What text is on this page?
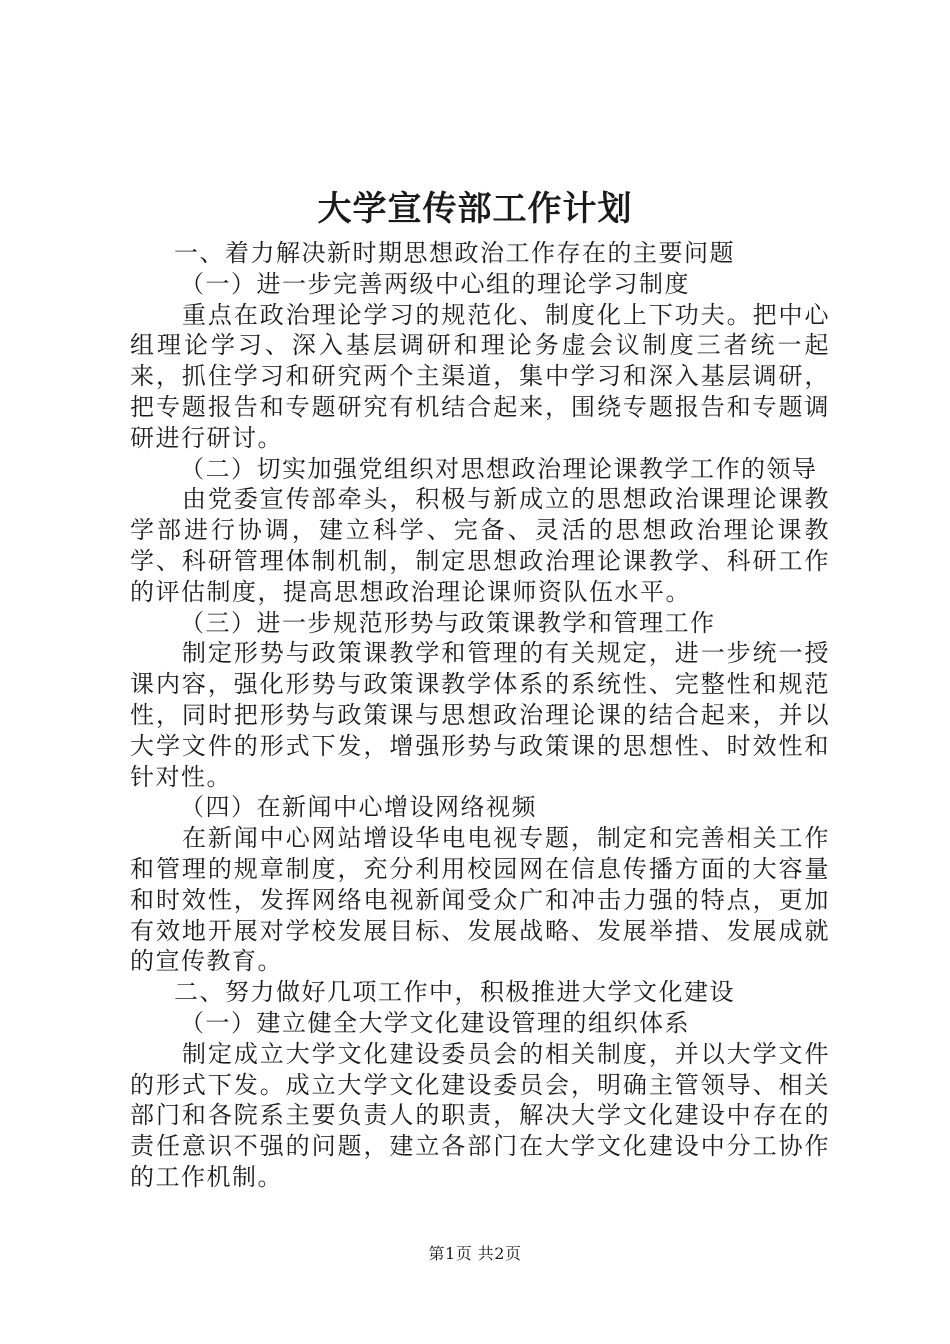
大学宣传部工作计划

一、着力解决新时期思想政治工作存在的主要问题

（一）进一步完善两级中心组的理论学习制度

重点在政治理论学习的规范化、制度化上下功夫。把中心组理论学习、深入基层调研和理论务虚会议制度三者统一起来，抓住学习和研究两个主渠道，集中学习和深入基层调研，把专题报告和专题研究有机结合起来，围绕专题报告和专题调研进行研讨。

（二）切实加强党组织对思想政治理论课教学工作的领导

由党委宣传部牵头，积极与新成立的思想政治课理论课教学部进行协调，建立科学、完备、灵活的思想政治理论课教学、科研管理体制机制，制定思想政治理论课教学、科研工作的评估制度，提高思想政治理论课师资队伍水平。

（三）进一步规范形势与政策课教学和管理工作

制定形势与政策课教学和管理的有关规定，进一步统一授课内容，强化形势与政策课教学体系的系统性、完整性和规范性，同时把形势与政策课与思想政治理论课的结合起来，并以大学文件的形式下发，增强形势与政策课的思想性、时效性和针对性。

（四）在新闻中心增设网络视频

在新闻中心网站增设华电电视专题，制定和完善相关工作和管理的规章制度，充分利用校园网在信息传播方面的大容量和时效性，发挥网络电视新闻受众广和冲击力强的特点，更加有效地开展对学校发展目标、发展战略、发展举措、发展成就的宣传教育。

二、努力做好几项工作中，积极推进大学文化建设

（一）建立健全大学文化建设管理的组织体系

制定成立大学文化建设委员会的相关制度，并以大学文件的形式下发。成立大学文化建设委员会，明确主管领导、相关部门和各院系主要负责人的职责，解决大学文化建设中存在的责任意识不强的问题，建立各部门在大学文化建设中分工协作的工作机制。

第1页 共2页
